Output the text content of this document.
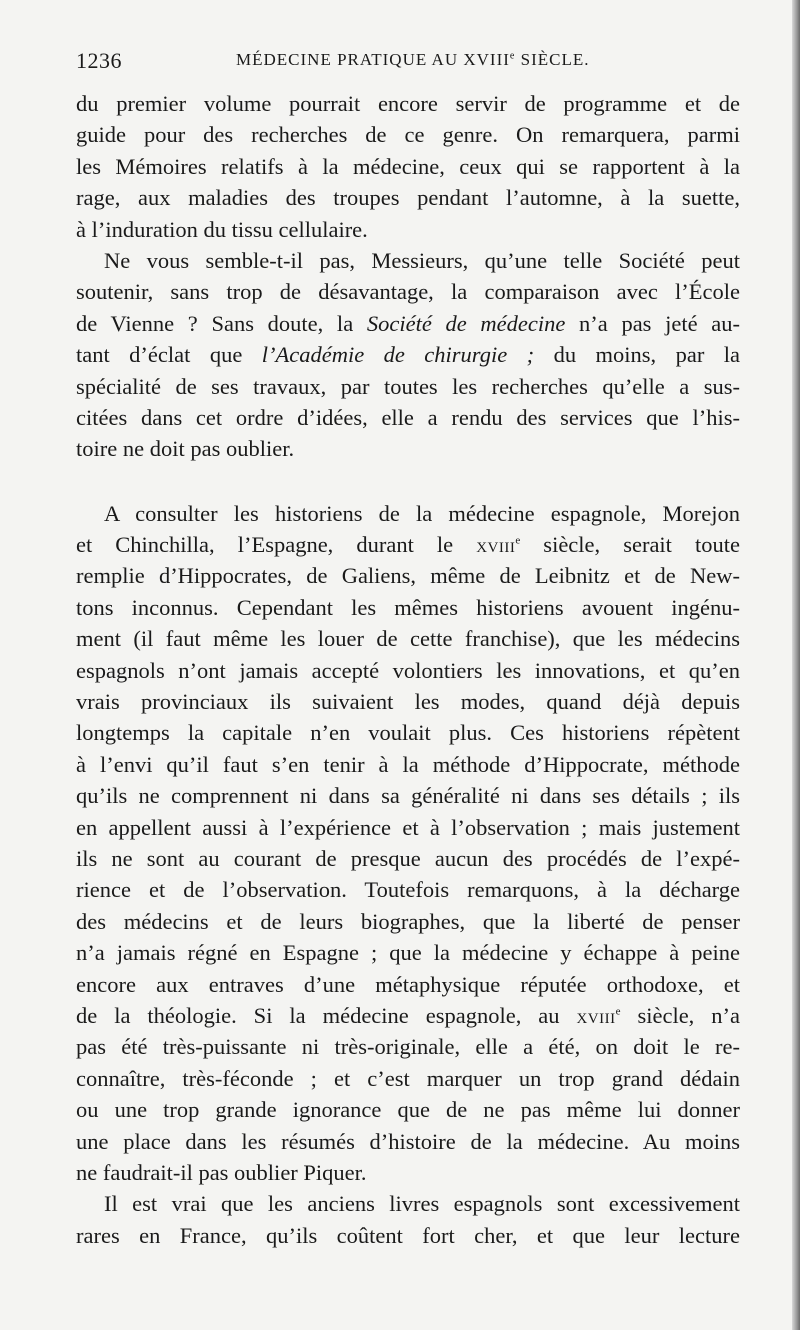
1236	MÉDECINE PRATIQUE AU XVIIIe SIÈCLE.
du premier volume pourrait encore servir de programme et de
guide pour des recherches de ce genre. On remarquera, parmi
les Mémoires relatifs à la médecine, ceux qui se rapportent à la
rage, aux maladies des troupes pendant l’automne, à la suette,
à l’induration du tissu cellulaire.
Ne vous semble-t-il pas, Messieurs, qu’une telle Société peut
soutenir, sans trop de désavantage, la comparaison avec l’École
de Vienne ? Sans doute, la Société de médecine n’a pas jeté au-
tant d’éclat que l’Académie de chirurgie ; du moins, par la
spécialité de ses travaux, par toutes les recherches qu’elle a sus-
citées dans cet ordre d’idées, elle a rendu des services que l’his-
toire ne doit pas oublier.
A consulter les historiens de la médecine espagnole, Morejon
et Chinchilla, l’Espagne, durant le XVIIIe siècle, serait toute
remplie d’Hippocrates, de Galiens, même de Leibnitz et de New-
tons inconnus. Cependant les mêmes historiens avouent ingénu-
ment (il faut même les louer de cette franchise), que les médecins
espagnols n’ont jamais accepté volontiers les innovations, et qu’en
vrais provinciaux ils suivaient les modes, quand déjà depuis
longtemps la capitale n’en voulait plus. Ces historiens répètent
à l’envi qu’il faut s’en tenir à la méthode d’Hippocrate, méthode
qu’ils ne comprennent ni dans sa généralité ni dans ses détails ; ils
en appellent aussi à l’expérience et à l’observation ; mais justement
ils ne sont au courant de presque aucun des procédés de l’expé-
rience et de l’observation. Toutefois remarquons, à la décharge
des médecins et de leurs biographes, que la liberté de penser
n’a jamais régné en Espagne ; que la médecine y échappe à peine
encore aux entraves d’une métaphysique réputée orthodoxe, et
de la théologie. Si la médecine espagnole, au XVIIIe siècle, n’a
pas été très-puissante ni très-originale, elle a été, on doit le re-
connaître, très-féconde ; et c’est marquer un trop grand dédain
ou une trop grande ignorance que de ne pas même lui donner
une place dans les résumés d’histoire de la médecine. Au moins
ne faudrait-il pas oublier Piquer.
Il est vrai que les anciens livres espagnols sont excessivement
rares en France, qu’ils coûtent fort cher, et que leur lecture
